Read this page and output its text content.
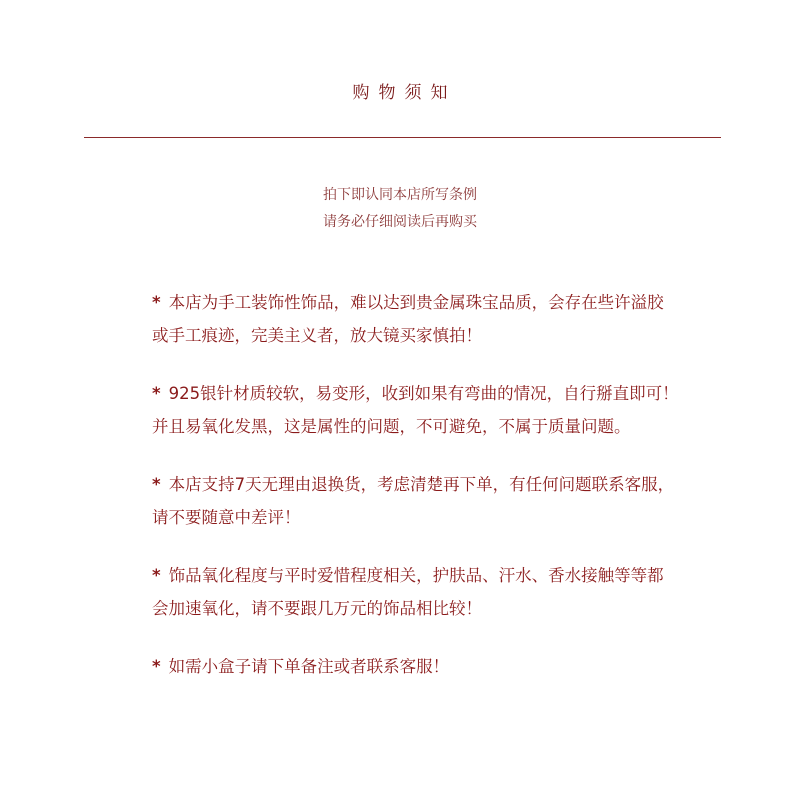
购物须知
拍下即认同本店所写条例
请务必仔细阅读后再购买
* 本店为手工装饰性饰品，难以达到贵金属珠宝品质，会存在些许溢胶
或手工痕迹，完美主义者，放大镜买家慎拍！
* 925银针材质较软，易变形，收到如果有弯曲的情况，自行掰直即可！
并且易氧化发黑，这是属性的问题，不可避免，不属于质量问题。
* 本店支持7天无理由退换货，考虑清楚再下单，有任何问题联系客服，
请不要随意中差评！
* 饰品氧化程度与平时爱惜程度相关，护肤品、汗水、香水接触等等都
会加速氧化，请不要跟几万元的饰品相比较！
* 如需小盒子请下单备注或者联系客服！
